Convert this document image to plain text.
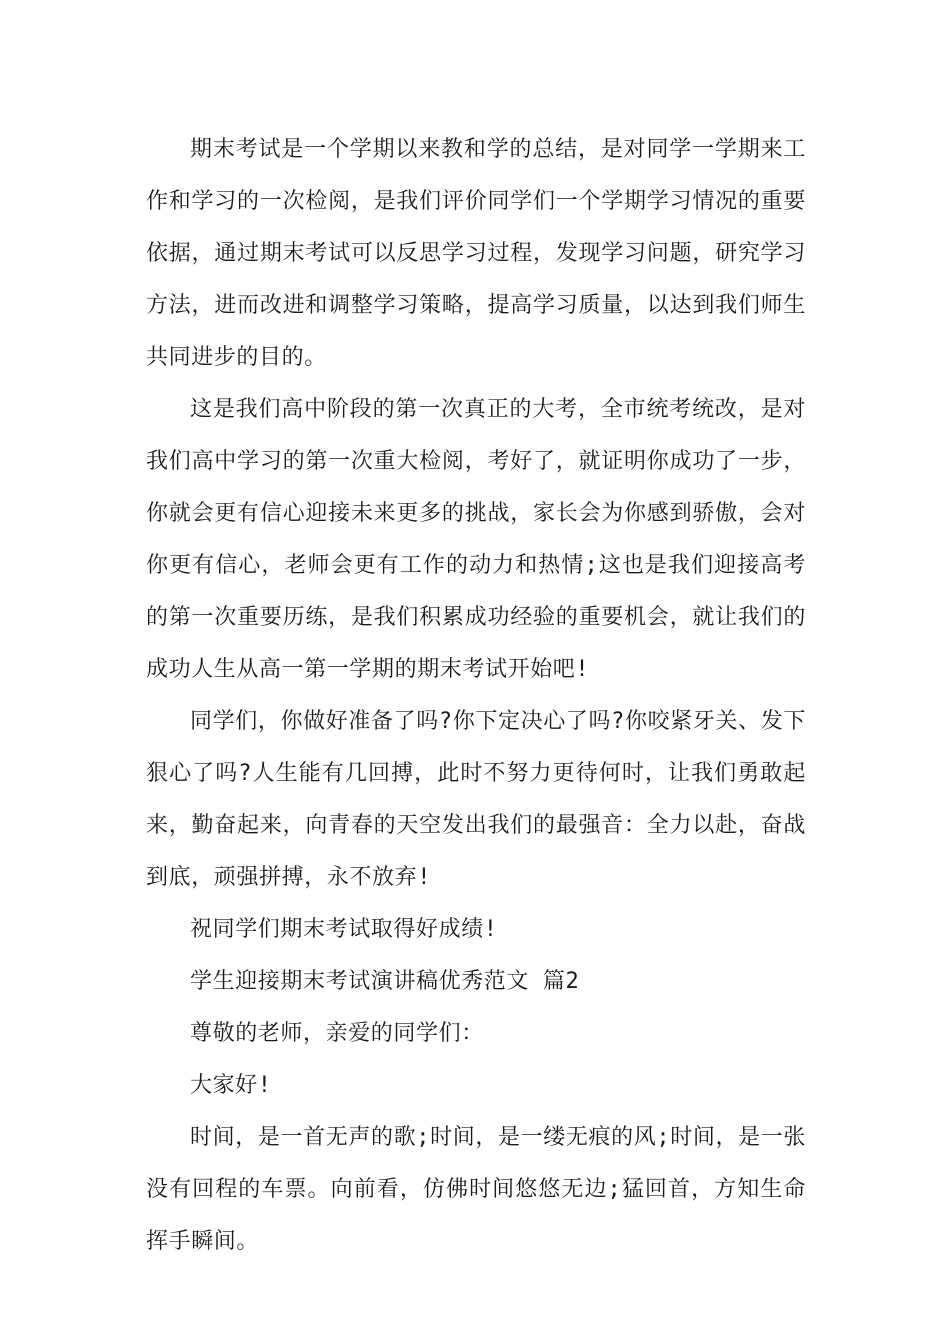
期末考试是一个学期以来教和学的总结，是对同学一学期来工作和学习的一次检阅，是我们评价同学们一个学期学习情况的重要依据，通过期末考试可以反思学习过程，发现学习问题，研究学习方法，进而改进和调整学习策略，提高学习质量，以达到我们师生共同进步的目的。

这是我们高中阶段的第一次真正的大考，全市统考统改，是对我们高中学习的第一次重大检阅，考好了，就证明你成功了一步，你就会更有信心迎接未来更多的挑战，家长会为你感到骄傲，会对你更有信心，老师会更有工作的动力和热情;这也是我们迎接高考的第一次重要历练，是我们积累成功经验的重要机会，就让我们的成功人生从高一第一学期的期末考试开始吧!

同学们，你做好准备了吗?你下定决心了吗?你咬紧牙关、发下狠心了吗?人生能有几回搏，此时不努力更待何时，让我们勇敢起来，勤奋起来，向青春的天空发出我们的最强音：全力以赴，奋战到底，顽强拼搏，永不放弃!

祝同学们期末考试取得好成绩!

学生迎接期末考试演讲稿优秀范文 篇2

尊敬的老师，亲爱的同学们：

大家好!

时间，是一首无声的歌;时间，是一缕无痕的风;时间，是一张没有回程的车票。向前看，仿佛时间悠悠无边;猛回首，方知生命挥手瞬间。
